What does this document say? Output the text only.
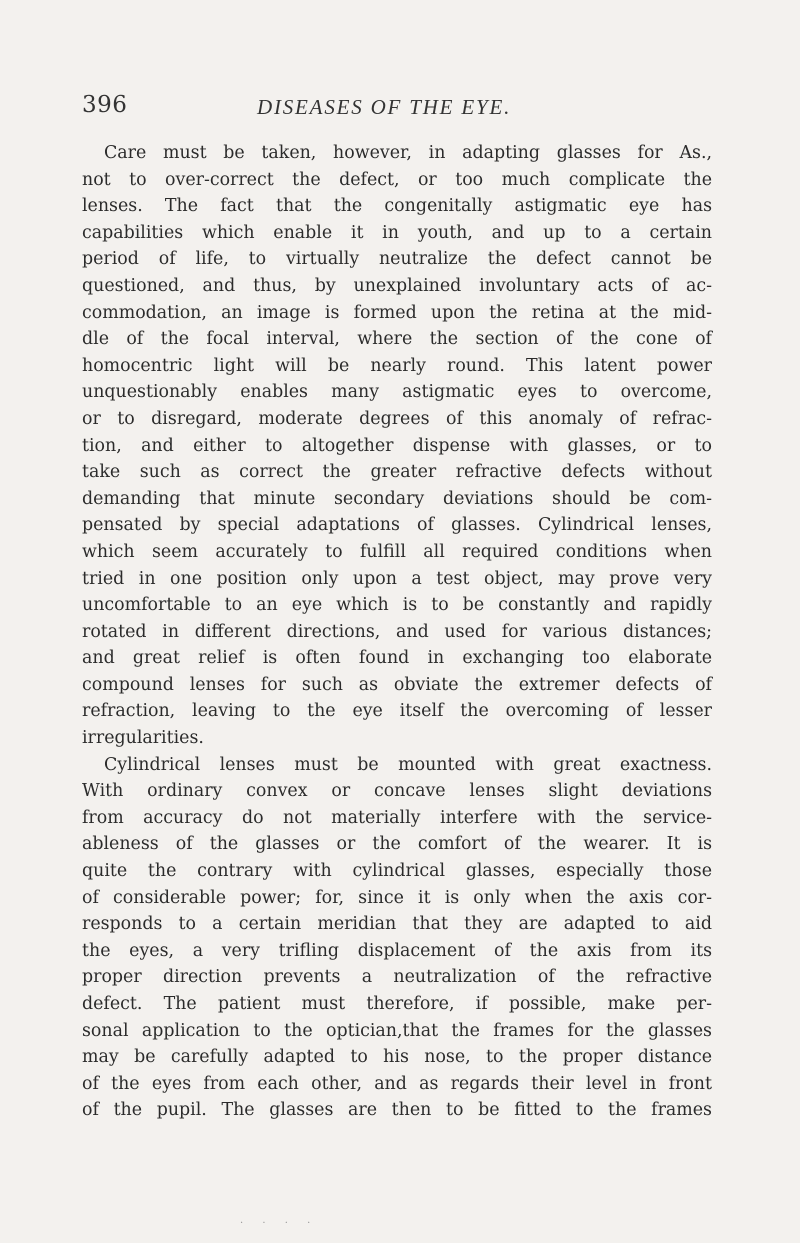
396	DISEASES OF THE EYE.
Care must be taken, however, in adapting glasses for As.,
not to over-correct the defect, or too much complicate the
lenses. The fact that the congenitally astigmatic eye has
capabilities which enable it in youth, and up to a certain
period of life, to virtually neutralize the defect cannot be
questioned, and thus, by unexplained involuntary acts of ac-
commodation, an image is formed upon the retina at the mid-
dle of the focal interval, where the section of the cone of
homocentric light will be nearly round. This latent power
unquestionably enables many astigmatic eyes to overcome,
or to disregard, moderate degrees of this anomaly of refrac-
tion, and either to altogether dispense with glasses, or to
take such as correct the greater refractive defects without
demanding that minute secondary deviations should be com-
pensated by special adaptations of glasses. Cylindrical lenses,
which seem accurately to fulfill all required conditions when
tried in one position only upon a test object, may prove very
uncomfortable to an eye which is to be constantly and rapidly
rotated in different directions, and used for various distances;
and great relief is often found in exchanging too elaborate
compound lenses for such as obviate the extremer defects of
refraction, leaving to the eye itself the overcoming of lesser
irregularities.
Cylindrical lenses must be mounted with great exactness.
With ordinary convex or concave lenses slight deviations
from accuracy do not materially interfere with the service-
ableness of the glasses or the comfort of the wearer. It is
quite the contrary with cylindrical glasses, especially those
of considerable power; for, since it is only when the axis cor-
responds to a certain meridian that they are adapted to aid
the eyes, a very trifling displacement of the axis from its
proper direction prevents a neutralization of the refractive
defect. The patient must therefore, if possible, make per-
sonal application to the optician,that the frames for the glasses
may be carefully adapted to his nose, to the proper distance
of the eyes from each other, and as regards their level in front
of the pupil. The glasses are then to be fitted to the frames
· · · ·
